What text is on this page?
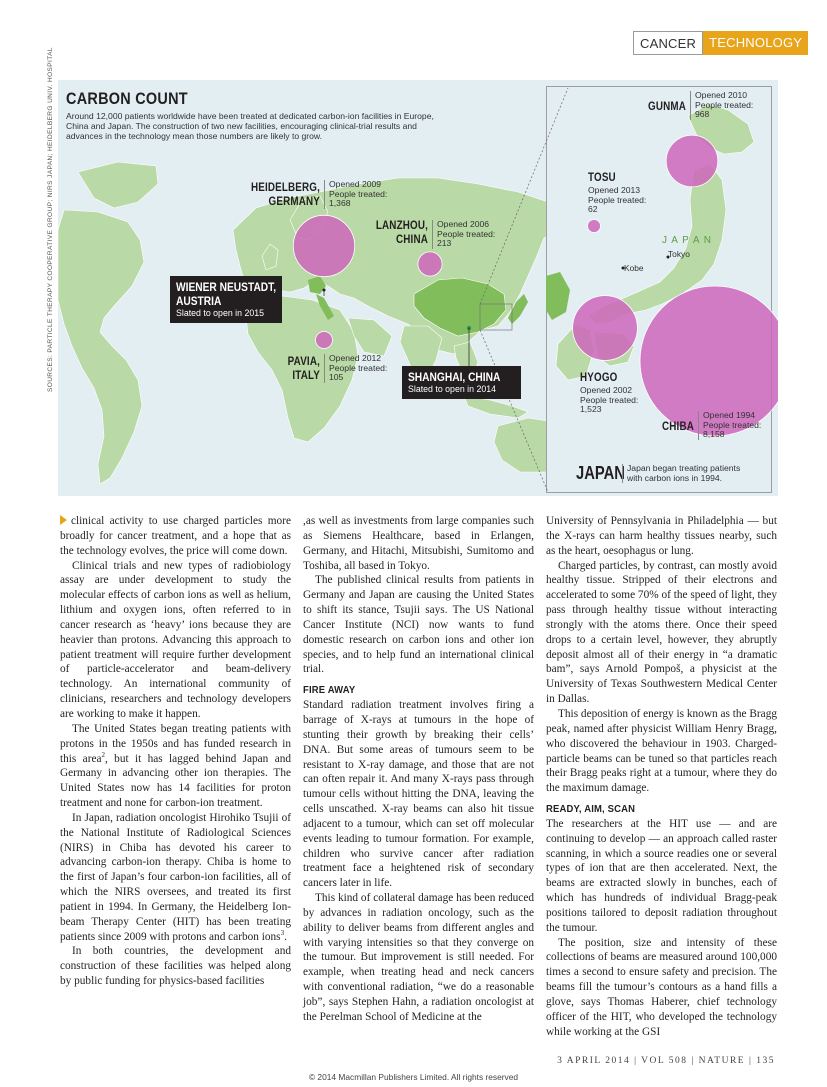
CANCER	TECHNOLOGY
SOURCES: PARTICLE THERAPY COOPERATIVE GROUP; NIRS JAPAN; HEIDELBERG UNIV. HOSPITAL CARBON COUNT
Around 12,000 patients worldwide have been treated at dedicated carbon-ion facilities in Europe, China and Japan. The construction of two new facilities, encouraging clinical-trial results and advances in the technology mean those numbers are likely to grow.
HEIDELBERG,
GERMANY
Opened 2009
People treated:
1,368
LANZHOU,
CHINA
Opened 2006
People treated:
213
PAVIA,
ITALY
Opened 2012
People treated:
105
WIENER NEUSTADT,
AUSTRIA
Slated to open in 2015
SHANGHAI, CHINA
Slated to open in 2014
GUNMA
Opened 2010
People treated:
968
TOSU
Opened 2013
People treated:
62
J A P A N
Tokyo
Kobe
HYOGO
Opened 2002
People treated:
1,523
CHIBA
Opened 1994
People treated:
8,158
JAPAN Japan began treating patients
with carbon ions in 1994.

clinical activity to use charged particles more broadly for cancer treatment, and a hope that as the technology evolves, the price will come down.

Clinical trials and new types of radiobiology assay are under development to study the molecular effects of carbon ions as well as helium, lithium and oxygen ions, often referred to in cancer research as ‘heavy’ ions because they are heavier than protons. Advancing this approach to patient treatment will require further development of particle-accelerator and beam-delivery technology. An international community of clinicians, researchers and technology developers are working to make it happen.

The United States began treating patients with protons in the 1950s and has funded research in this area$^2$, but it has lagged behind Japan and Germany in advancing other ion therapies. The United States now has 14 facilities for proton treatment and none for carbon-ion treatment.

In Japan, radiation oncologist Hirohiko Tsujii of the National Institute of Radiological Sciences (NIRS) in Chiba has devoted his career to advancing carbon-ion therapy. Chiba is home to the first of Japan’s four carbon-ion facilities, all of which the NIRS oversees, and treated its first patient in 1994. In Germany, the Heidelberg Ion-beam Therapy Center (HIT) has been treating patients since 2009 with protons and carbon ions$^3$.

In both countries, the development and construction of these facilities was helped along by public funding for physics-based facilities

,as well as investments from large companies such as Siemens Healthcare, based in Erlangen, Germany, and Hitachi, Mitsubishi, Sumitomo and Toshiba, all based in Tokyo.

The published clinical results from patients in Germany and Japan are causing the United States to shift its stance, Tsujii says. The US National Cancer Institute (NCI) now wants to fund domestic research on carbon ions and other ion species, and to help fund an international clinical trial.

FIRE AWAY

Standard radiation treatment involves firing a barrage of X-rays at tumours in the hope of stunting their growth by breaking their cells’ DNA. But some areas of tumours seem to be resistant to X-ray damage, and those that are not can often repair it. And many X-rays pass through tumour cells without hitting the DNA, leaving the cells unscathed. X-ray beams can also hit tissue adjacent to a tumour, which can set off molecular events leading to tumour formation. For example, children who survive cancer after radiation treatment face a heightened risk of secondary cancers later in life.

This kind of collateral damage has been reduced by advances in radiation oncology, such as the ability to deliver beams from different angles and with varying intensities so that they converge on the tumour. But improvement is still needed. For example, when treating head and neck cancers with conventional radiation, “we do a reasonable job”, says Stephen Hahn, a radiation oncologist at the Perelman School of Medicine at the

University of Pennsylvania in Philadelphia — but the X-rays can harm healthy tissues nearby, such as the heart, oesophagus or lung.

Charged particles, by contrast, can mostly avoid healthy tissue. Stripped of their electrons and accelerated to some 70% of the speed of light, they pass through healthy tissue without interacting strongly with the atoms there. Once their speed drops to a certain level, however, they abruptly deposit almost all of their energy in “a dramatic bam”, says Arnold Pompoš, a physicist at the University of Texas Southwestern Medical Center in Dallas.

This deposition of energy is known as the Bragg peak, named after physicist William Henry Bragg, who discovered the behaviour in 1903. Charged-particle beams can be tuned so that particles reach their Bragg peaks right at a tumour, where they do the maximum damage.

READY, AIM, SCAN

The researchers at the HIT use — and are continuing to develop — an approach called raster scanning, in which a source readies one or several types of ion that are then accelerated. Next, the beams are extracted slowly in bunches, each of which has hundreds of individual Bragg-peak positions tailored to deposit radiation throughout the tumour.

The position, size and intensity of these collections of beams are measured around 100,000 times a second to ensure safety and precision. The beams fill the tumour’s contours as a hand fills a glove, says Thomas Haberer, chief technology officer of the HIT, who developed the technology while working at the GSI

3 APRIL 2014 | VOL 508 | NATURE | 135
© 2014 Macmillan Publishers Limited. All rights reserved
